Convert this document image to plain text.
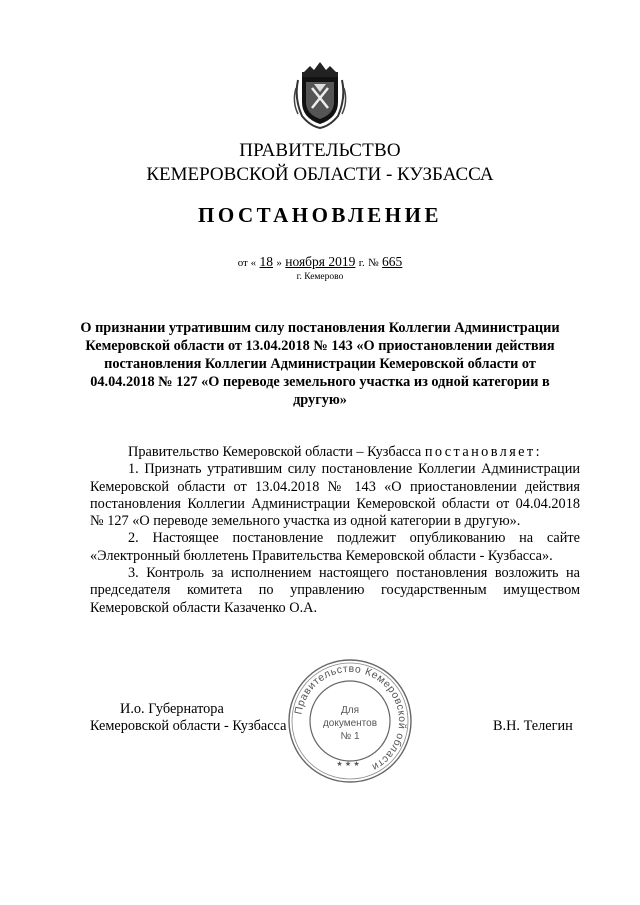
ПРАВИТЕЛЬСТВО
КЕМЕРОВСКОЙ ОБЛАСТИ - КУЗБАССА
ПОСТАНОВЛЕНИЕ
от « 18 » ноября 2019 г. № 665
г. Кемерово
О признании утратившим силу постановления Коллегии Администрации Кемеровской области от 13.04.2018 № 143 «О приостановлении действия постановления Коллегии Администрации Кемеровской области от 04.04.2018 № 127 «О переводе земельного участка из одной категории в другую»

Правительство Кемеровской области – Кузбасса постановляет:

1. Признать утратившим силу постановление Коллегии Администрации Кемеровской области от 13.04.2018 № 143 «О приостановлении действия постановления Коллегии Администрации Кемеровской области от 04.04.2018 № 127 «О переводе земельного участка из одной категории в другую».

2. Настоящее постановление подлежит опубликованию на сайте «Электронный бюллетень Правительства Кемеровской области - Кузбасса».

3. Контроль за исполнением настоящего постановления возложить на председателя комитета по управлению государственным имуществом Кемеровской области Казаченко О.А.

И.о. Губернатора
Кемеровской области - Кузбасса	В.Н. Телегин
Правительство Кемеровской области
★ ★ ★
Для
документов
№ 1
